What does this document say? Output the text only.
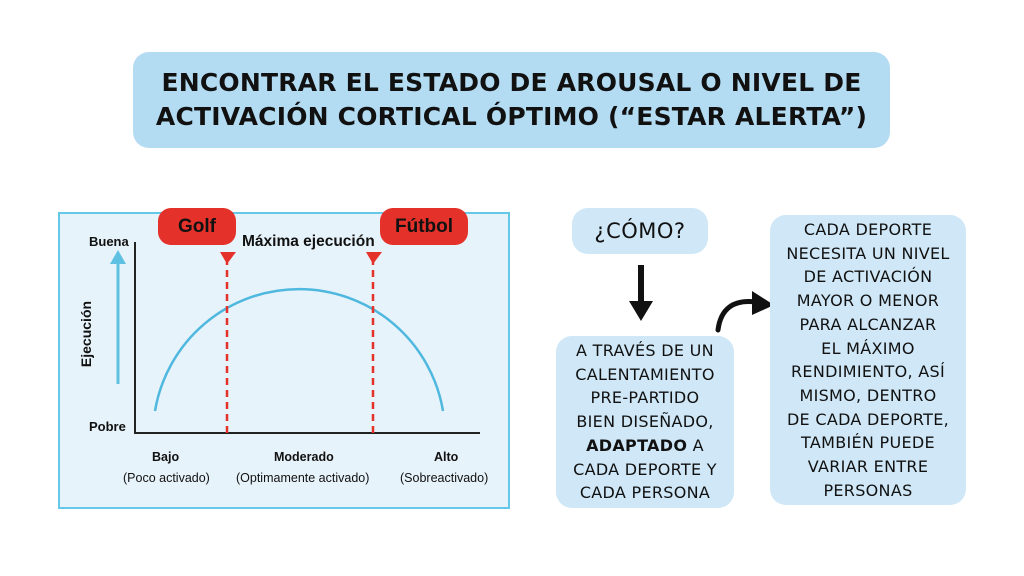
ENCONTRAR EL ESTADO DE AROUSAL O NIVEL DE
ACTIVACIÓN CORTICAL ÓPTIMO (“ESTAR ALERTA”)
Golf	Fútbol
Máxima ejecución
Buena
Pobre
Ejecución
Bajo
(Poco activado)
Moderado
(Optimamente activado)
Alto
(Sobreactivado)
¿CÓMO?
A TRAVÉS DE UN
CALENTAMIENTO
PRE-PARTIDO
BIEN DISEÑADO,
ADAPTADO A
CADA DEPORTE Y
CADA PERSONA
CADA DEPORTE
NECESITA UN NIVEL
DE ACTIVACIÓN
MAYOR O MENOR
PARA ALCANZAR
EL MÁXIMO
RENDIMIENTO, ASÍ
MISMO, DENTRO
DE CADA DEPORTE,
TAMBIÉN PUEDE
VARIAR ENTRE
PERSONAS
